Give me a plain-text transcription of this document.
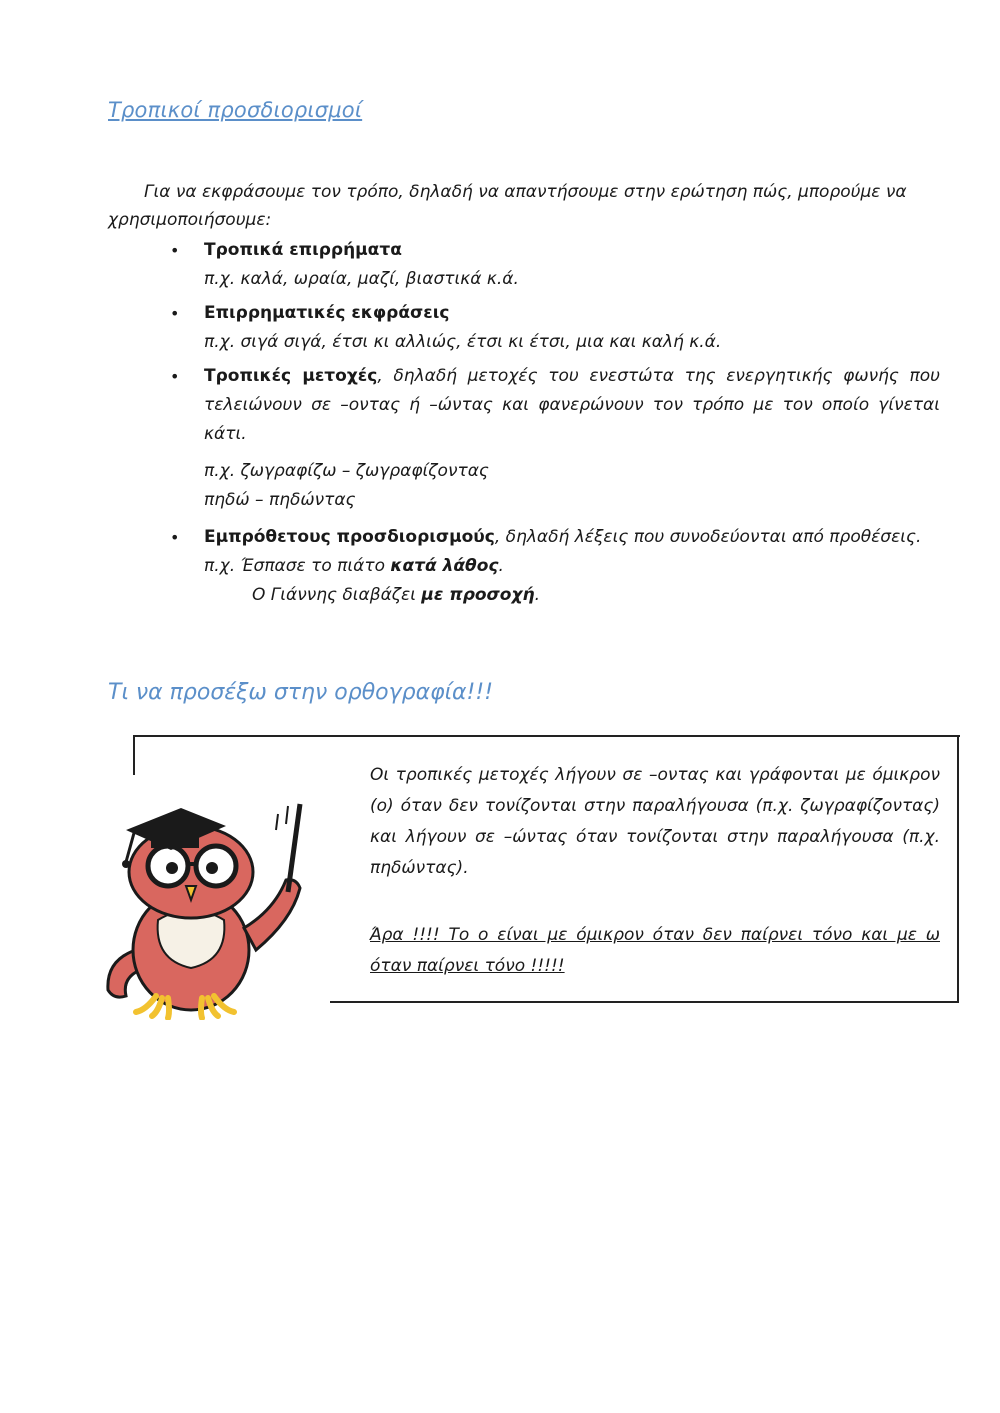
Τροπικοί προσδιορισμοί
Για να εκφράσουμε τον τρόπο, δηλαδή να απαντήσουμε στην ερώτηση πώς, μπορούμε να χρησιμοποιήσουμε:
• Τροπικά επιρρήματα
π.χ. καλά, ωραία, μαζί, βιαστικά κ.ά.
• Επιρρηματικές εκφράσεις
π.χ. σιγά σιγά, έτσι κι αλλιώς, έτσι κι έτσι, μια και καλή κ.ά.
• Τροπικές μετοχές, δηλαδή μετοχές του ενεστώτα της ενεργητικής φωνής που τελειώνουν σε –οντας ή –ώντας και φανερώνουν τον τρόπο με τον οποίο γίνεται κάτι.
π.χ. ζωγραφίζω – ζωγραφίζοντας
πηδώ – πηδώντας
• Εμπρόθετους προσδιορισμούς, δηλαδή λέξεις που συνοδεύονται από προθέσεις.
π.χ. Έσπασε το πιάτο κατά λάθος.
Ο Γιάννης διαβάζει με προσοχή.
Τι να προσέξω στην ορθογραφία!!!
Οι τροπικές μετοχές λήγουν σε –οντας και γράφονται με όμικρον (ο) όταν δεν τονίζονται στην παραλήγουσα (π.χ. ζωγραφίζοντας) και λήγουν σε –ώντας όταν τονίζονται στην παραλήγουσα (π.χ. πηδώντας).
Άρα !!!! Το ο είναι με όμικρον όταν δεν παίρνει τόνο και με ω όταν παίρνει τόνο !!!!!
